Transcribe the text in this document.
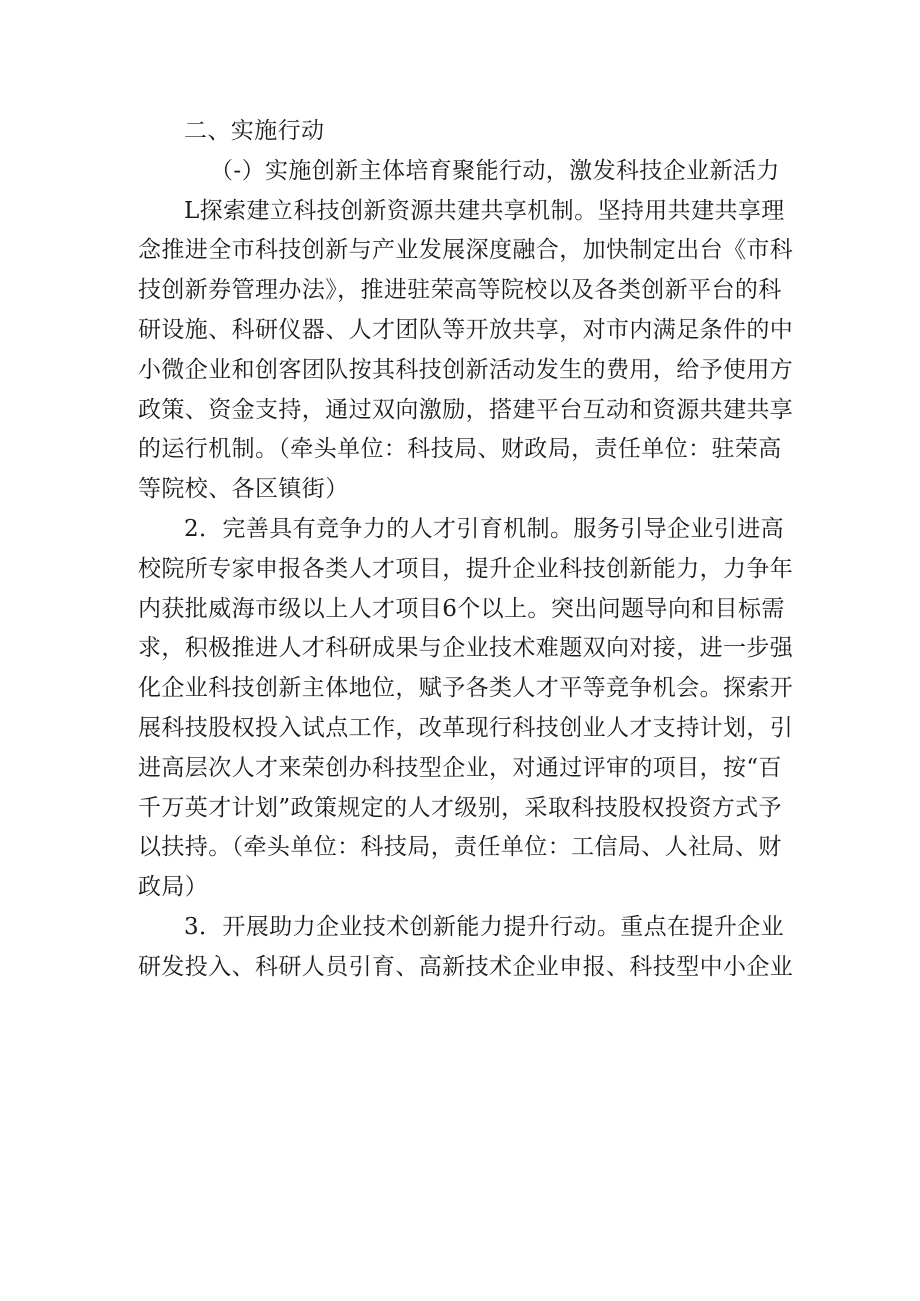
二、实施行动
（-）实施创新主体培育聚能行动，激发科技企业新活力
L探索建立科技创新资源共建共享机制。坚持用共建共享理
念推进全市科技创新与产业发展深度融合，加快制定出台《市科
技创新券管理办法》，推进驻荣高等院校以及各类创新平台的科
研设施、科研仪器、人才团队等开放共享，对市内满足条件的中
小微企业和创客团队按其科技创新活动发生的费用，给予使用方
政策、资金支持，通过双向激励，搭建平台互动和资源共建共享
的运行机制。（牵头单位：科技局、财政局，责任单位：驻荣高
等院校、各区镇街）
2．完善具有竞争力的人才引育机制。服务引导企业引进高
校院所专家申报各类人才项目，提升企业科技创新能力，力争年
内获批威海市级以上人才项目6个以上。突出问题导向和目标需
求，积极推进人才科研成果与企业技术难题双向对接，进一步强
化企业科技创新主体地位，赋予各类人才平等竞争机会。探索开
展科技股权投入试点工作，改革现行科技创业人才支持计划，引
进高层次人才来荣创办科技型企业，对通过评审的项目，按“百
千万英才计划”政策规定的人才级别，采取科技股权投资方式予
以扶持。（牵头单位：科技局，责任单位：工信局、人社局、财
政局）
3．开展助力企业技术创新能力提升行动。重点在提升企业
研发投入、科研人员引育、高新技术企业申报、科技型中小企业
